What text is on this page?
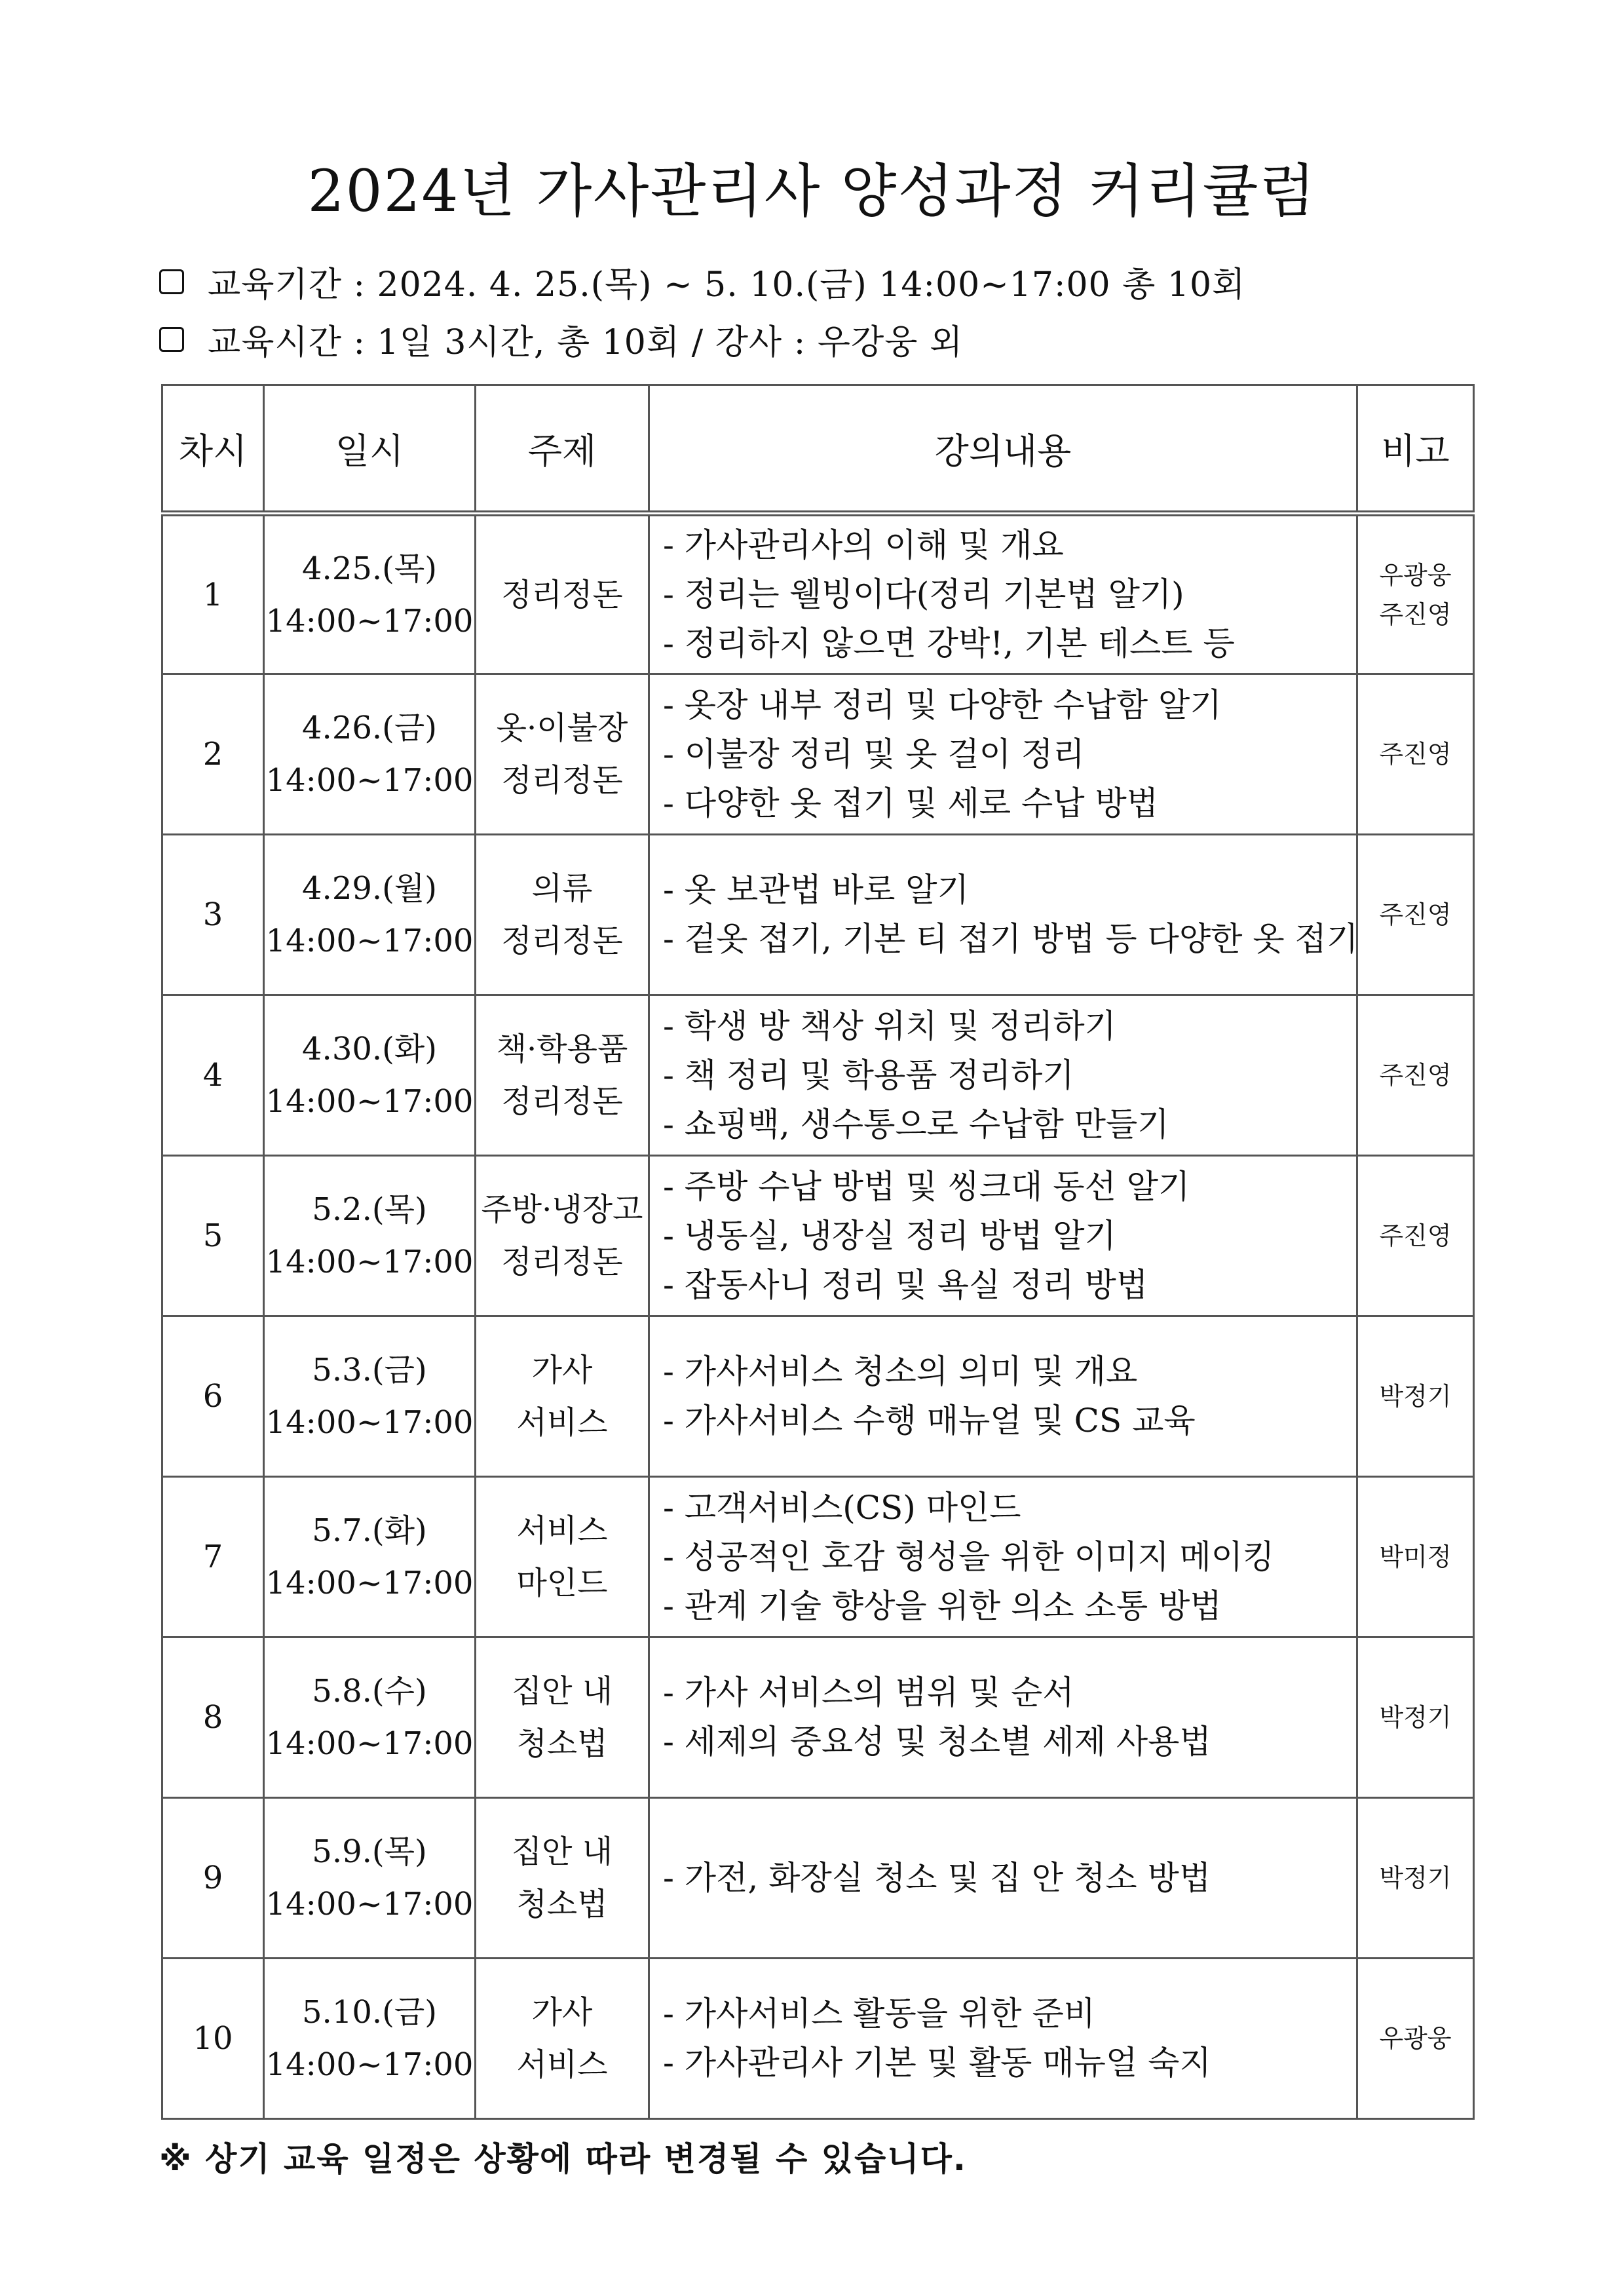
2024년 가사관리사 양성과정 커리큘럼
교육기간 : 2024. 4. 25.(목) ~ 5. 10.(금) 14:00~17:00 총 10회
교육시간 : 1일 3시간, 총 10회 / 강사 : 우강웅 외
차시	일시	주제	강의내용	비고
1	4.25.(목)
14:00~17:00	정리정돈	- 가사관리사의 이해 및 개요
- 정리는 웰빙이다(정리 기본법 알기)
- 정리하지 않으면 강박!, 기본 테스트 등	우광웅
주진영

2	4.26.(금)
14:00~17:00	옷·이불장
정리정돈	- 옷장 내부 정리 및 다양한 수납함 알기
- 이불장 정리 및 옷 걸이 정리
- 다양한 옷 접기 및 세로 수납 방법	주진영

3	4.29.(월)
14:00~17:00	의류
정리정돈	- 옷 보관법 바로 알기
- 겉옷 접기, 기본 티 접기 방법 등 다양한 옷 접기	주진영

4	4.30.(화)
14:00~17:00	책·학용품
정리정돈	- 학생 방 책상 위치 및 정리하기
- 책 정리 및 학용품 정리하기
- 쇼핑백, 생수통으로 수납함 만들기	주진영

5	5.2.(목)
14:00~17:00	주방·냉장고
정리정돈	- 주방 수납 방법 및 씽크대 동선 알기
- 냉동실, 냉장실 정리 방법 알기
- 잡동사니 정리 및 욕실 정리 방법	주진영

6	5.3.(금)
14:00~17:00	가사
서비스	- 가사서비스 청소의 의미 및 개요
- 가사서비스 수행 매뉴얼 및 CS 교육	박정기

7	5.7.(화)
14:00~17:00	서비스
마인드	- 고객서비스(CS) 마인드
- 성공적인 호감 형성을 위한 이미지 메이킹
- 관계 기술 향상을 위한 의소 소통 방법	박미정

8	5.8.(수)
14:00~17:00	집안 내
청소법	- 가사 서비스의 범위 및 순서
- 세제의 중요성 및 청소별 세제 사용법	박정기

9	5.9.(목)
14:00~17:00	집안 내
청소법	- 가전, 화장실 청소 및 집 안 청소 방법	박정기

10	5.10.(금)
14:00~17:00	가사
서비스	- 가사서비스 활동을 위한 준비
- 가사관리사 기본 및 활동 매뉴얼 숙지	우광웅
※ 상기 교육 일정은 상황에 따라 변경될 수 있습니다.
